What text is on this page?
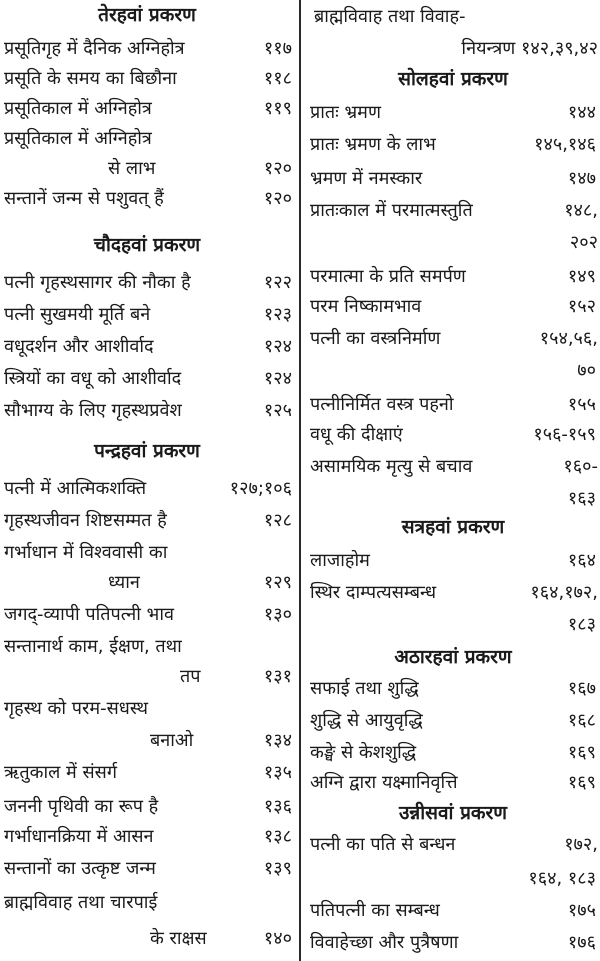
तेरहवां प्रकरण
प्रसूतिगृह में दैनिक अग्निहोत्र	११७
प्रसूति के समय का बिछौना	११८
प्रसूतिकाल में अग्निहोत्र	११९
प्रसूतिकाल में अग्निहोत्र
से लाभ	१२०
सन्तानें जन्म से पशुवत् हैं	१२०
चौदहवां प्रकरण
पत्नी गृहस्थसागर की नौका है	१२२
पत्नी सुखमयी मूर्ति बने	१२३
वधूदर्शन और आशीर्वाद	१२४
स्त्रियों का वधू को आशीर्वाद	१२४
सौभाग्य के लिए गृहस्थप्रवेश	१२५
पन्द्रहवां प्रकरण
पत्नी में आत्मिकशक्ति	१२७;१०६
गृहस्थजीवन शिष्टसम्मत है	१२८
गर्भाधान में विश्ववासी का
ध्यान	१२९
जगद्-व्यापी पतिपत्नी भाव	१३०
सन्तानार्थ काम, ईक्षण, तथा
तप	१३१
गृहस्थ को परम-सधस्थ
बनाओ	१३४
ऋतुकाल में संसर्ग	१३५
जननी पृथिवी का रूप है	१३६
गर्भाधानक्रिया में आसन	१३८
सन्तानों का उत्कृष्ट जन्म	१३९
ब्राह्मविवाह तथा चारपाई
के राक्षस	१४०
ब्राह्मविवाह तथा विवाह-
नियन्त्रण १४२,३९,४२
सोलहवां प्रकरण
प्रातः भ्रमण	१४४
प्रातः भ्रमण के लाभ	१४५,१४६
भ्रमण में नमस्कार	१४७
प्रातःकाल में परमात्मस्तुति	१४८,
२०२
परमात्मा के प्रति समर्पण	१४९
परम निष्कामभाव	१५२
पत्नी का वस्त्रनिर्माण	१५४,५६,
७०
पत्नीनिर्मित वस्त्र पहनो	१५५
वधू की दीक्षाएं	१५६-१५९
असामयिक मृत्यु से बचाव	१६०-
१६३
सत्रहवां प्रकरण
लाजाहोम	१६४
स्थिर दाम्पत्यसम्बन्ध	१६४,१७२,
१८३
अठारहवां प्रकरण
सफाई तथा शुद्धि	१६७
शुद्धि से आयुवृद्धि	१६८
कङ्घे से केशशुद्धि	१६९
अग्नि द्वारा यक्ष्मानिवृत्ति	१६९
उन्नीसवां प्रकरण
पत्नी का पति से बन्धन	१७२,
१६४, १८३
पतिपत्नी का सम्बन्ध	१७५
विवाहेच्छा और पुत्रैषणा	१७६
